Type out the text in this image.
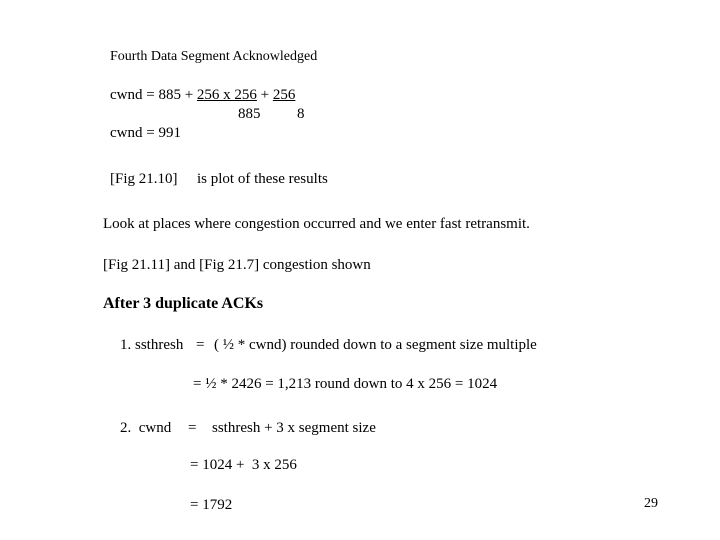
Fourth Data Segment Acknowledged
cwnd = 885 + 256 x 256 + 256
885 8
cwnd = 991
[Fig 21.10] is plot of these results
Look at places where congestion occurred and we enter fast retransmit.
[Fig 21.11] and [Fig 21.7] congestion shown
After 3 duplicate ACKs
1. ssthresh = ( ½ * cwnd) rounded down to a segment size multiple
= ½ * 2426 = 1,213 round down to 4 x 256 = 1024
2.  cwnd = ssthresh + 3 x segment size
= 1024 +  3 x 256
= 1792	29
